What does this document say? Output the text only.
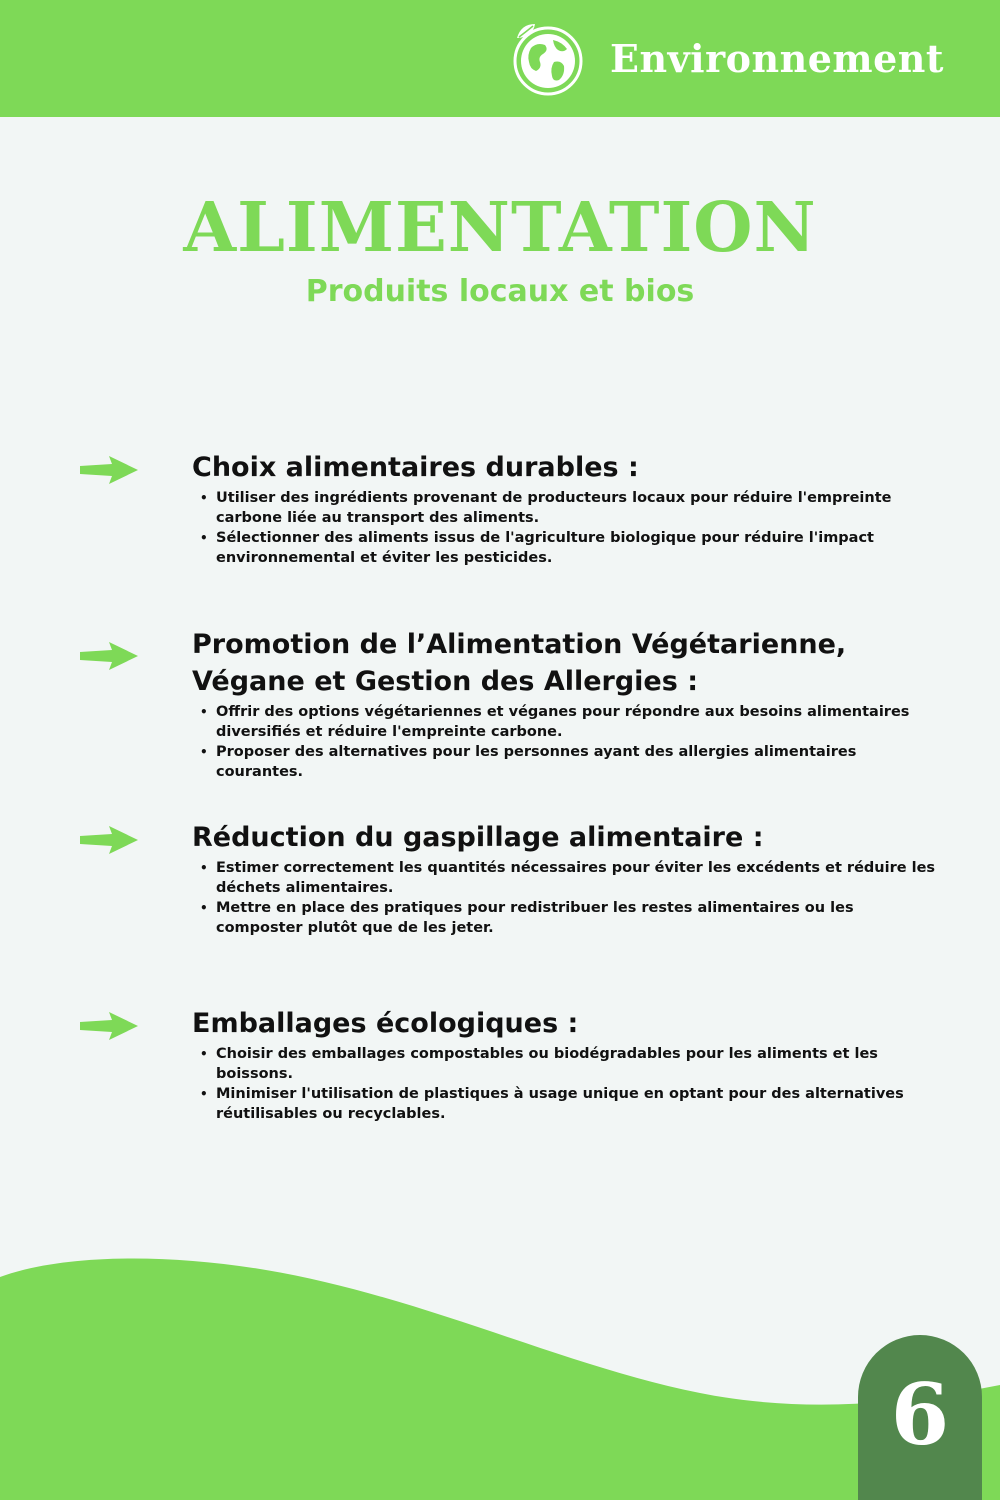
Environnement
ALIMENTATION
Produits locaux et bios
Choix alimentaires durables :
• Utiliser des ingrédients provenant de producteurs locaux pour réduire l'empreinte carbone liée au transport des aliments.
• Sélectionner des aliments issus de l'agriculture biologique pour réduire l'impact environnemental et éviter les pesticides.
Promotion de l’Alimentation Végétarienne, Végane et Gestion des Allergies :
• Offrir des options végétariennes et véganes pour répondre aux besoins alimentaires diversifiés et réduire l'empreinte carbone.
• Proposer des alternatives pour les personnes ayant des allergies alimentaires courantes.
Réduction du gaspillage alimentaire :
• Estimer correctement les quantités nécessaires pour éviter les excédents et réduire les déchets alimentaires.
• Mettre en place des pratiques pour redistribuer les restes alimentaires ou les composter plutôt que de les jeter.
Emballages écologiques :
• Choisir des emballages compostables ou biodégradables pour les aliments et les boissons.
• Minimiser l'utilisation de plastiques à usage unique en optant pour des alternatives réutilisables ou recyclables.
6
